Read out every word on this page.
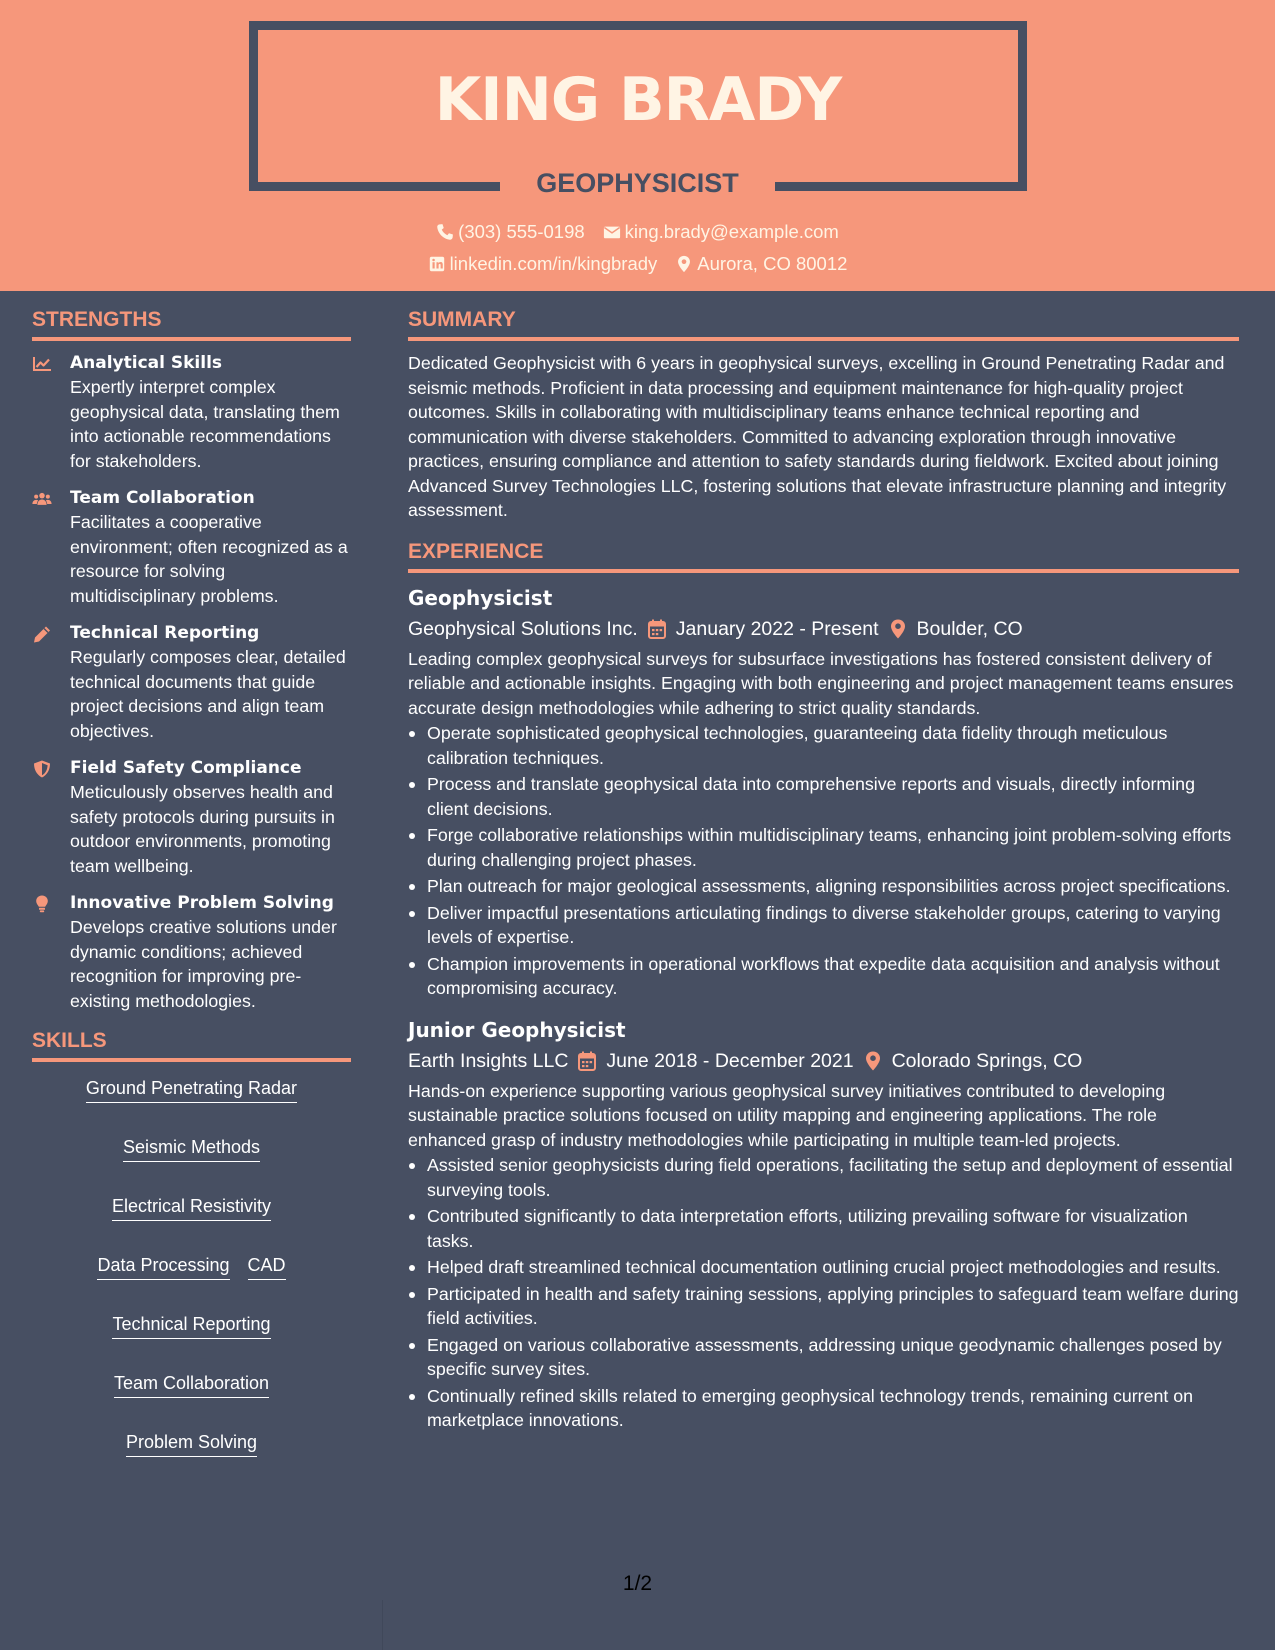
KING BRADY
GEOPHYSICIST
(303) 555-0198 king.brady@example.com
linkedin.com/in/kingbrady Aurora, CO 80012
STRENGTHS
Analytical Skills
Expertly interpret complex geophysical data, translating them into actionable recommendations for stakeholders.
Team Collaboration
Facilitates a cooperative environment; often recognized as a resource for solving multidisciplinary problems.
Technical Reporting
Regularly composes clear, detailed technical documents that guide project decisions and align team objectives.
Field Safety Compliance
Meticulously observes health and safety protocols during pursuits in outdoor environments, promoting team wellbeing.
Innovative Problem Solving
Develops creative solutions under dynamic conditions; achieved recognition for improving pre-existing methodologies.
SKILLS
Ground Penetrating Radar
Seismic Methods
Electrical Resistivity
Data Processing CAD
Technical Reporting
Team Collaboration
Problem Solving
SUMMARY
Dedicated Geophysicist with 6 years in geophysical surveys, excelling in Ground Penetrating Radar and seismic methods. Proficient in data processing and equipment maintenance for high-quality project outcomes. Skills in collaborating with multidisciplinary teams enhance technical reporting and communication with diverse stakeholders. Committed to advancing exploration through innovative practices, ensuring compliance and attention to safety standards during fieldwork. Excited about joining Advanced Survey Technologies LLC, fostering solutions that elevate infrastructure planning and integrity assessment.
EXPERIENCE
Geophysicist
Geophysical Solutions Inc. January 2022 - Present Boulder, CO
Leading complex geophysical surveys for subsurface investigations has fostered consistent delivery of reliable and actionable insights. Engaging with both engineering and project management teams ensures accurate design methodologies while adhering to strict quality standards.
Operate sophisticated geophysical technologies, guaranteeing data fidelity through meticulous calibration techniques.
Process and translate geophysical data into comprehensive reports and visuals, directly informing client decisions.
Forge collaborative relationships within multidisciplinary teams, enhancing joint problem-solving efforts during challenging project phases.
Plan outreach for major geological assessments, aligning responsibilities across project specifications.
Deliver impactful presentations articulating findings to diverse stakeholder groups, catering to varying levels of expertise.
Champion improvements in operational workflows that expedite data acquisition and analysis without compromising accuracy.
Junior Geophysicist
Earth Insights LLC June 2018 - December 2021 Colorado Springs, CO
Hands-on experience supporting various geophysical survey initiatives contributed to developing sustainable practice solutions focused on utility mapping and engineering applications. The role enhanced grasp of industry methodologies while participating in multiple team-led projects.
Assisted senior geophysicists during field operations, facilitating the setup and deployment of essential surveying tools.
Contributed significantly to data interpretation efforts, utilizing prevailing software for visualization tasks.
Helped draft streamlined technical documentation outlining crucial project methodologies and results.
Participated in health and safety training sessions, applying principles to safeguard team welfare during field activities.
Engaged on various collaborative assessments, addressing unique geodynamic challenges posed by specific survey sites.
Continually refined skills related to emerging geophysical technology trends, remaining current on marketplace innovations.
1/2
